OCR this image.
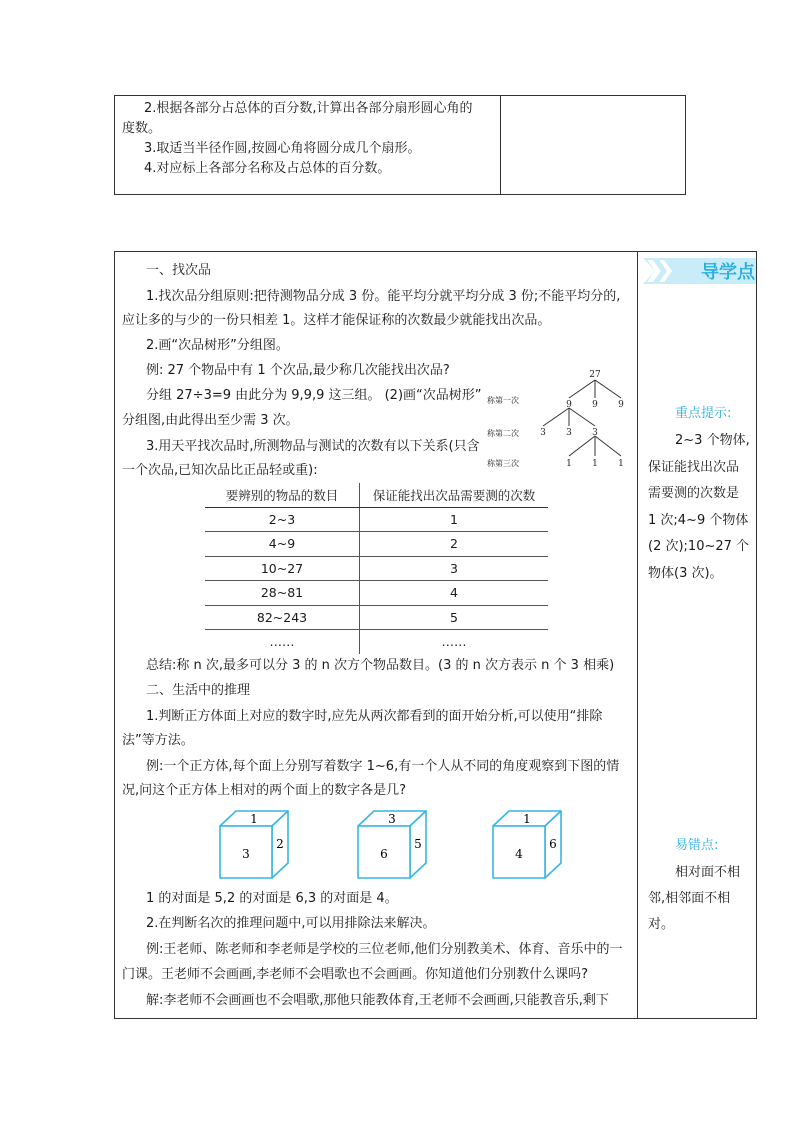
2.根据各部分占总体的百分数,计算出各部分扇形圆心角的

度数。

3.取适当半径作圆,按圆心角将圆分成几个扇形。

4.对应标上各部分名称及占总体的百分数。

导学点

重点提示:

2~3 个物体,

保证能找出次品

需要测的次数是

1 次;4~9 个物体

(2 次);10~27 个

物体(3 次)。

易错点:

相对面不相

邻,相邻面不相

对。

一、找次品

1.找次品分组原则:把待测物品分成 3 份。能平均分就平均分成 3 份;不能平均分的,

应让多的与少的一份只相差 1。这样才能保证称的次数最少就能找出次品。

2.画“次品树形”分组图。

例: 27 个物品中有 1 个次品,最少称几次能找出次品?

分组 27÷3=9 由此分为 9,9,9 这三组。 (2)画“次品树形”

分组图,由此得出至少需 3 次。

3.用天平找次品时,所测物品与测试的次数有以下关系(只含

一个次品,已知次品比正品轻或重):

要辨别的物品的数目	保证能找出次品需要测的次数
2~3	1
4~9	2
10~27	3
28~81	4
82~243	5
……	……

总结:称 n 次,最多可以分 3 的 n 次方个物品数目。(3 的 n 次方表示 n 个 3 相乘)

二、生活中的推理

1.判断正方体面上对应的数字时,应先从两次都看到的面开始分析,可以使用“排除

法”等方法。

例:一个正方体,每个面上分别写着数字 1~6,有一个人从不同的角度观察到下图的情

况,问这个正方体上相对的两个面上的数字各是几?

1 的对面是 5,2 的对面是 6,3 的对面是 4。

2.在判断名次的推理问题中,可以用排除法来解决。

例:王老师、陈老师和李老师是学校的三位老师,他们分别教美术、体育、音乐中的一

门课。王老师不会画画,李老师不会唱歌也不会画画。你知道他们分别教什么课吗?

解:李老师不会画画也不会唱歌,那他只能教体育,王老师不会画画,只能教音乐,剩下

27
9 9 9
3 3 3
1 1 1
称第一次
称第二次
称第三次
1
3
2
3
6
5
1
4
6
